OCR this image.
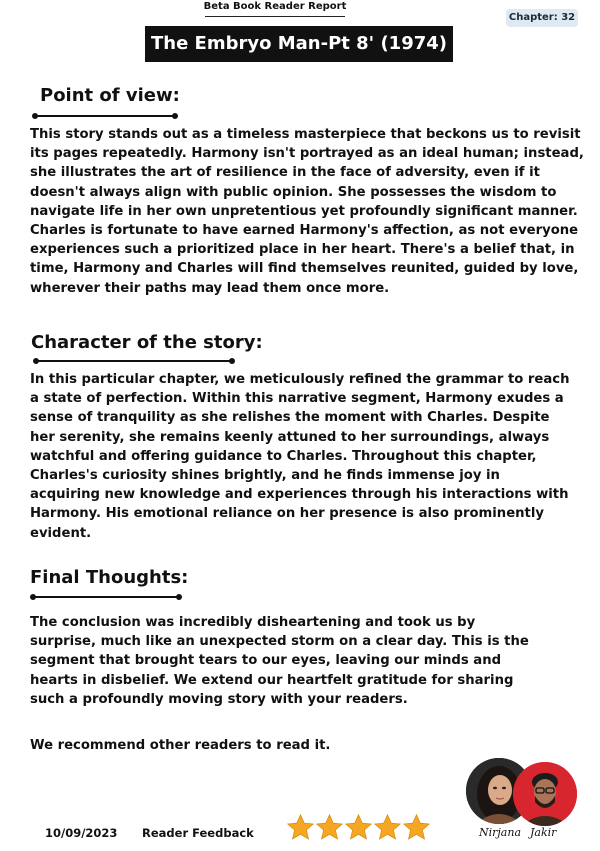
Beta Book Reader Report
Chapter: 32
The Embryo Man-Pt 8' (1974)
Point of view:
This story stands out as a timeless masterpiece that beckons us to revisit its pages repeatedly. Harmony isn't portrayed as an ideal human; instead, she illustrates the art of resilience in the face of adversity, even if it doesn't always align with public opinion. She possesses the wisdom to navigate life in her own unpretentious yet profoundly significant manner. Charles is fortunate to have earned Harmony's affection, as not everyone experiences such a prioritized place in her heart. There's a belief that, in time, Harmony and Charles will find themselves reunited, guided by love, wherever their paths may lead them once more.
Character of the story:
In this particular chapter, we meticulously refined the grammar to reach a state of perfection. Within this narrative segment, Harmony exudes a sense of tranquility as she relishes the moment with Charles. Despite her serenity, she remains keenly attuned to her surroundings, always watchful and offering guidance to Charles. Throughout this chapter, Charles's curiosity shines brightly, and he finds immense joy in acquiring new knowledge and experiences through his interactions with Harmony. His emotional reliance on her presence is also prominently evident.
Final Thoughts:
The conclusion was incredibly disheartening and took us by surprise, much like an unexpected storm on a clear day. This is the segment that brought tears to our eyes, leaving our minds and hearts in disbelief. We extend our heartfelt gratitude for sharing such a profoundly moving story with your readers.
We recommend other readers to read it.
10/09/2023 Reader Feedback	Nirjana Jakir
